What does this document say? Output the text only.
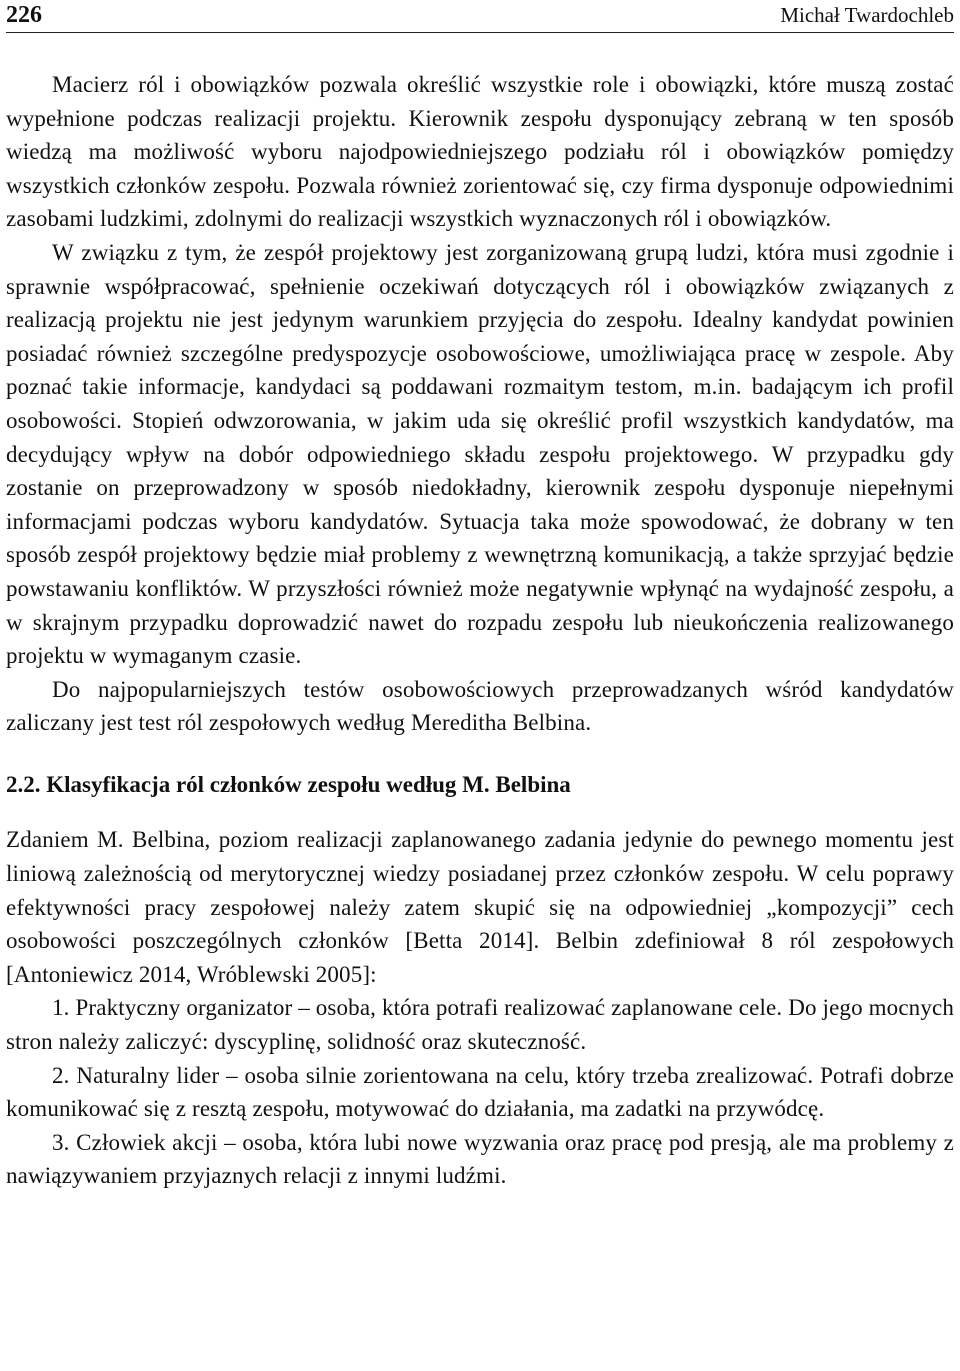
226	Michał Twardochleb

Macierz ról i obowiązków pozwala określić wszystkie role i obowiązki, które muszą zostać wypełnione podczas realizacji projektu. Kierownik zespołu dysponujący zebraną w ten sposób wiedzą ma możliwość wyboru najodpowiedniejszego podziału ról i obowiązków pomiędzy wszystkich członków zespołu. Pozwala również zorientować się, czy firma dysponuje odpowiednimi zasobami ludzkimi, zdolnymi do realizacji wszystkich wyznaczonych ról i obowiązków.

W związku z tym, że zespół projektowy jest zorganizowaną grupą ludzi, która musi zgodnie i sprawnie współpracować, spełnienie oczekiwań dotyczących ról i obowiązków związanych z realizacją projektu nie jest jedynym warunkiem przyjęcia do zespołu. Idealny kandydat powinien posiadać również szczególne predyspozycje osobowościowe, umożliwiająca pracę w zespole. Aby poznać takie informacje, kandydaci są poddawani rozmaitym testom, m.in. badającym ich profil osobowości. Stopień odwzorowania, w jakim uda się określić profil wszystkich kandydatów, ma decydujący wpływ na dobór odpowiedniego składu zespołu projektowego. W przypadku gdy zostanie on przeprowadzony w sposób niedokładny, kierownik zespołu dysponuje niepełnymi informacjami podczas wyboru kandydatów. Sytuacja taka może spowodować, że dobrany w ten sposób zespół projektowy będzie miał problemy z wewnętrzną komunikacją, a także sprzyjać będzie powstawaniu konfliktów. W przyszłości również może negatywnie wpłynąć na wydajność zespołu, a w skrajnym przypadku doprowadzić nawet do rozpadu zespołu lub nieukończenia realizowanego projektu w wymaganym czasie.

Do najpopularniejszych testów osobowościowych przeprowadzanych wśród kandydatów zaliczany jest test ról zespołowych według Mereditha Belbina.

2.2. Klasyfikacja ról członków zespołu według M. Belbina

Zdaniem M. Belbina, poziom realizacji zaplanowanego zadania jedynie do pewnego momentu jest liniową zależnością od merytorycznej wiedzy posiadanej przez członków zespołu. W celu poprawy efektywności pracy zespołowej należy zatem skupić się na odpowiedniej „kompozycji” cech osobowości poszczególnych członków [Betta 2014]. Belbin zdefiniował 8 ról zespołowych [Antoniewicz 2014, Wróblewski 2005]:

1. Praktyczny organizator – osoba, która potrafi realizować zaplanowane cele. Do jego mocnych stron należy zaliczyć: dyscyplinę, solidność oraz skuteczność.

2. Naturalny lider – osoba silnie zorientowana na celu, który trzeba zrealizować. Potrafi dobrze komunikować się z resztą zespołu, motywować do działania, ma zadatki na przywódcę.

3. Człowiek akcji – osoba, która lubi nowe wyzwania oraz pracę pod presją, ale ma problemy z nawiązywaniem przyjaznych relacji z innymi ludźmi.
